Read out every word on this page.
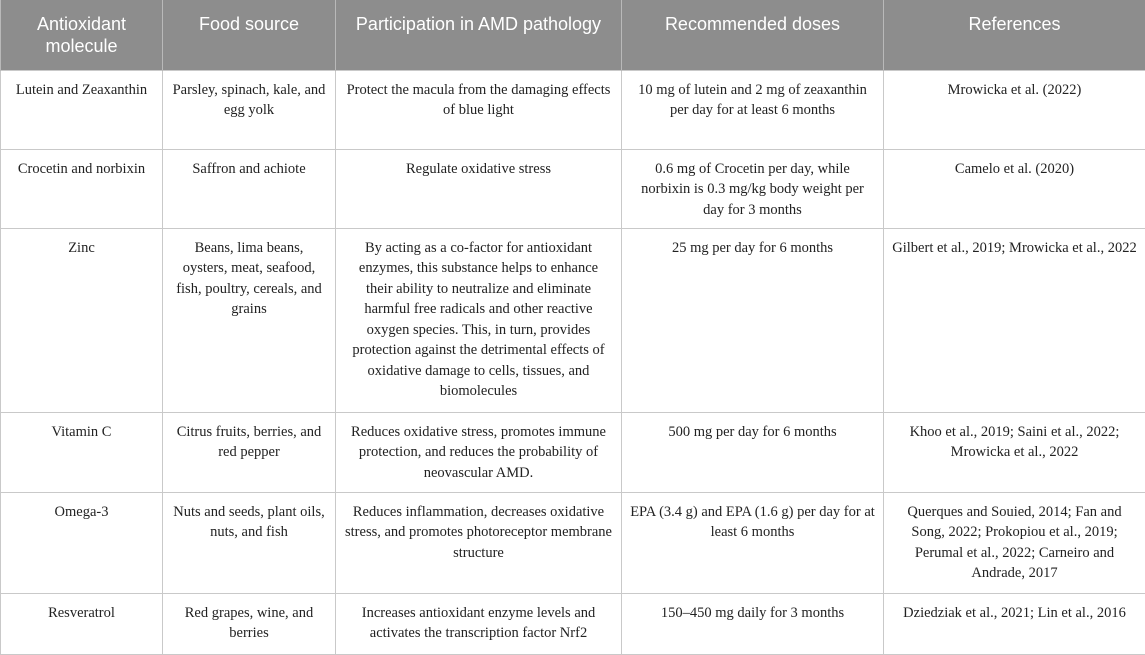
Antioxidant molecule	Food source	Participation in AMD pathology	Recommended doses	References
Lutein and Zeaxanthin	Parsley, spinach, kale, and egg yolk	Protect the macula from the damaging effects of blue light	10 mg of lutein and 2 mg of zeaxanthin per day for at least 6 months	Mrowicka et al. (2022)
Crocetin and norbixin	Saffron and achiote	Regulate oxidative stress	0.6 mg of Crocetin per day, while norbixin is 0.3 mg/kg body weight per day for 3 months	Camelo et al. (2020)
Zinc	Beans, lima beans, oysters, meat, seafood, fish, poultry, cereals, and grains	By acting as a co-factor for antioxidant enzymes, this substance helps to enhance their ability to neutralize and eliminate harmful free radicals and other reactive oxygen species. This, in turn, provides protection against the detrimental effects of oxidative damage to cells, tissues, and biomolecules	25 mg per day for 6 months	Gilbert et al., 2019; Mrowicka et al., 2022
Vitamin C	Citrus fruits, berries, and red pepper	Reduces oxidative stress, promotes immune protection, and reduces the probability of neovascular AMD.	500 mg per day for 6 months	Khoo et al., 2019; Saini et al., 2022; Mrowicka et al., 2022
Omega-3	Nuts and seeds, plant oils, nuts, and fish	Reduces inflammation, decreases oxidative stress, and promotes photoreceptor membrane structure	EPA (3.4 g) and EPA (1.6 g) per day for at least 6 months	Querques and Souied, 2014; Fan and Song, 2022; Prokopiou et al., 2019; Perumal et al., 2022; Carneiro and Andrade, 2017
Resveratrol	Red grapes, wine, and berries	Increases antioxidant enzyme levels and activates the transcription factor Nrf2	150–450 mg daily for 3 months	Dziedziak et al., 2021; Lin et al., 2016
